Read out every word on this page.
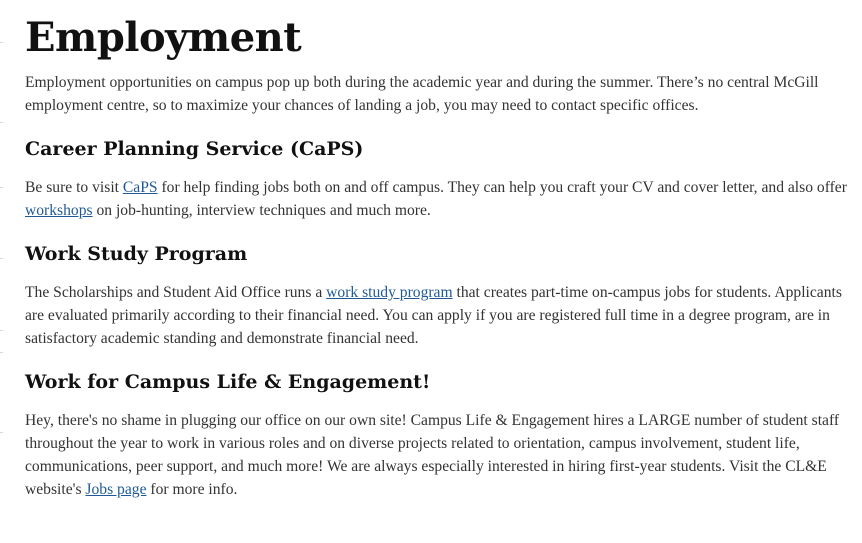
Employment

Employment opportunities on campus pop up both during the academic year and during the summer. There’s no central McGill employment centre, so to maximize your chances of landing a job, you may need to contact specific offices.

Career Planning Service (CaPS)

Be sure to visit CaPS for help finding jobs both on and off campus. They can help you craft your CV and cover letter, and also offer workshops on job-hunting, interview techniques and much more.

Work Study Program

The Scholarships and Student Aid Office runs a work study program that creates part-time on-campus jobs for students. Applicants are evaluated primarily according to their financial need. You can apply if you are registered full time in a degree program, are in satisfactory academic standing and demonstrate financial need.

Work for Campus Life & Engagement!

Hey, there's no shame in plugging our office on our own site! Campus Life & Engagement hires a LARGE number of student staff throughout the year to work in various roles and on diverse projects related to orientation, campus involvement, student life, communications, peer support, and much more! We are always especially interested in hiring first-year students. Visit the CL&E website's Jobs page for more info.
